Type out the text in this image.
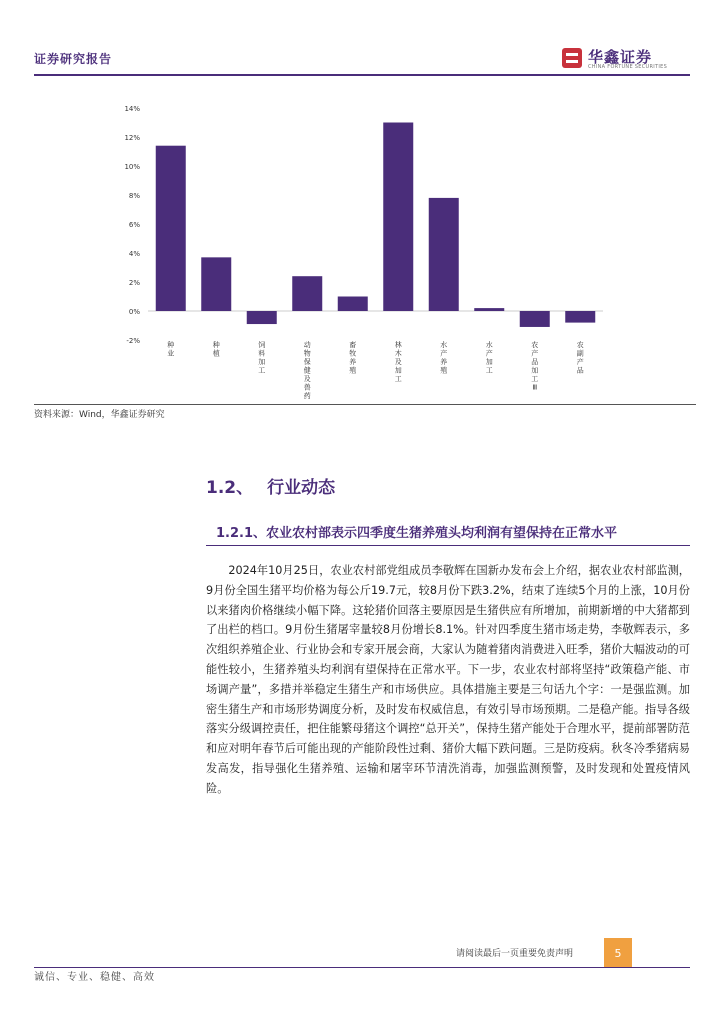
证券研究报告	华鑫证券
CHINA FORTUNE SECURITIES
-2%
0%
2%
4%
6%
8%
10%
12%
14%
种业
种植
饲料加工
动物保健及兽药
畜牧养殖
林木及加工
水产养殖
水产加工
农产品加工 Ⅲ
农副产品
资料来源：Wind，华鑫证券研究
1.2、 行业动态
1.2.1、农业农村部表示四季度生猪养殖头均利润有望保持在正常水平

2024年10月25日，农业农村部党组成员李敬辉在国新办发布会上介绍，据农业农村部监测，9月份全国生猪平均价格为每公斤19.7元，较8月份下跌3.2%，结束了连续5个月的上涨，10月份以来猪肉价格继续小幅下降。这轮猪价回落主要原因是生猪供应有所增加，前期新增的中大猪都到了出栏的档口。9月份生猪屠宰量较8月份增长8.1%。针对四季度生猪市场走势，李敬辉表示，多次组织养殖企业、行业协会和专家开展会商，大家认为随着猪肉消费进入旺季，猪价大幅波动的可能性较小，生猪养殖头均利润有望保持在正常水平。下一步，农业农村部将坚持“政策稳产能、市场调产量”，多措并举稳定生猪生产和市场供应。具体措施主要是三句话九个字：一是强监测。加密生猪生产和市场形势调度分析，及时发布权威信息，有效引导市场预期。二是稳产能。指导各级落实分级调控责任，把住能繁母猪这个调控“总开关”，保持生猪产能处于合理水平，提前部署防范和应对明年春节后可能出现的产能阶段性过剩、猪价大幅下跌问题。三是防疫病。秋冬冷季猪病易发高发，指导强化生猪养殖、运输和屠宰环节清洗消毒，加强监测预警，及时发现和处置疫情风险。

请阅读最后一页重要免责声明	5
诚信、专业、稳健、高效
